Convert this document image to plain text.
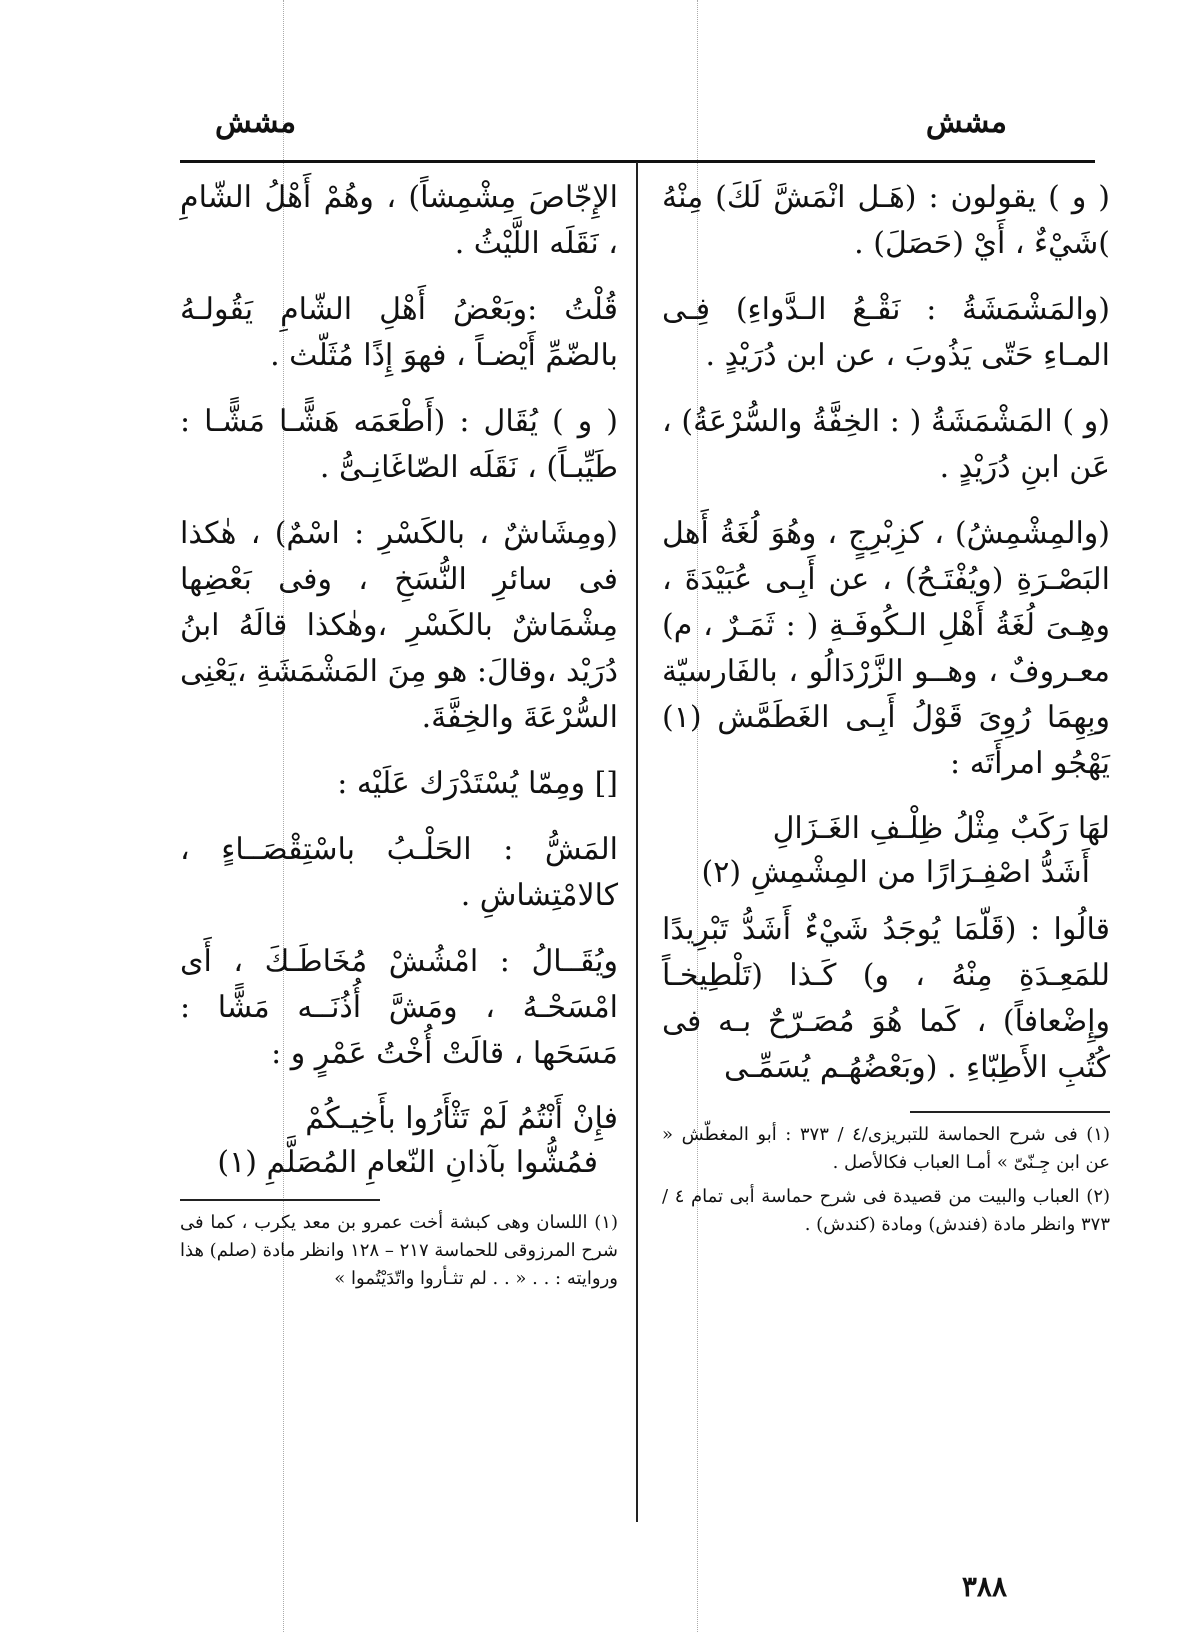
مشش
مشش

( و ) يقولون : (هَـل انْمَشَّ لَكَ) مِنْهُ )شَيْءٌ ، أَيْ (حَصَلَ) .

(والمَشْمَشَةُ : نَقْـعُ الـدَّواءِ) فِـى المـاءِ حَتّى يَذُوبَ ، عن ابن دُرَيْدٍ .

(و ) المَشْمَشَةُ ( : الخِفَّةُ والسُّرْعَةُ) ، عَن ابنِ دُرَيْدٍ .

(والمِشْمِشُ) ، كزِبْرِجٍ ، وهُوَ لُغَةُ أَهل البَصْـرَةِ (ويُفْتَـحُ) ، عن أَبِـى عُبَيْدَةَ ، وهِـىَ لُغَةُ أَهْلِ الـكُوفَـةِ ( : ثَمَـرٌ ، م) معـروفٌ ، وهــو الزَّرْدَالُو ، بالفَارسيّة وبِهِمَا رُوِىَ قَوْلُ أَبِـى الغَطَمَّش (١) يَهْجُو امرأَتَه :

لهَا رَكَبٌ مِثْلُ ظِلْـفِ الغَـزَالِ
أَشَدُّ اصْفِـرَارًا من المِشْمِشِ (٢)

قالُوا : (قَلّمَا يُوجَدُ شَيْءٌ أَشَدُّ تَبْرِيدًا للمَعِـدَةِ مِنْهُ ، و) كَـذا (تَلْطِيخـاً وإِضْعافاً) ، كَما هُوَ مُصَـرّحٌ بـه فى كُتُبِ الأَطِبّاءِ . (وبَعْضُهُـم يُسَمِّـى

(١) فى شرح الحماسة للتبريزى/٤ / ٣٧٣ : أبو المغطّش « عن ابن جِـنّىّ » أمـا العباب فكالأصل .

(٢) العباب والبيت من قصيدة فى شرح حماسة أبى تمام ٤ /٣٧٣ وانظر مادة (فندش) ومادة (كندش) .

الإِجّاصَ مِشْمِشاً) ، وهُمْ أَهْلُ الشّامِ ، نَقَلَه اللَّيْثُ .

قُلْتُ :وبَعْضُ أَهْلِ الشّامِ يَقُولـهُ بالضّمِّ أَيْضـاً ، فهوَ إِذًا مُثَلّث .

( و ) يُقَال : (أَطْعَمَه هَشًّـا مَشًّـا : طَيِّبـاً) ، نَقَلَه الصّاغَانِـىُّ .

(ومِشَاشٌ ، بالكَسْرِ : اسْمٌ) ، هٰكذا فى سائرِ النُّسَخِ ، وفى بَعْضِها مِشْمَاشٌ بالكَسْرِ ،وهٰكذا قالَهُ ابنُ دُرَيْد ،وقالَ: هو مِنَ المَشْمَشَةِ ،يَعْنِى السُّرْعَةَ والخِفَّةَ.

[] ومِمّا يُسْتَدْرَك عَلَيْه :

المَشُّ : الحَلْـبُ باسْتِقْصَــاءٍ ، كالامْتِشاشِ .

ويُقَــالُ : امْشُشْ مُخَاطَـكَ ، أَى امْسَحْـهُ ، ومَشَّ أُذُنَــه مَشًّا : مَسَحَها ، قالَتْ أُخْتُ عَمْرٍ و :

فإِنْ أَنْتُمُ لَمْ تَثْأَرُوا بأَخِيـكُمْ
فمُشُّوا بآذانِ النّعامِ المُصَلَّمِ (١)

(١) اللسان وهى كبشة أخت عمرو بن معد يكرب ، كما فى شرح المرزوقى للحماسة ٢١٧ – ١٢٨ وانظر مادة (صلم) هذا وروايته : . . « . . لم تثـأروا واتّدَيْتُموا »

٣٨٨
